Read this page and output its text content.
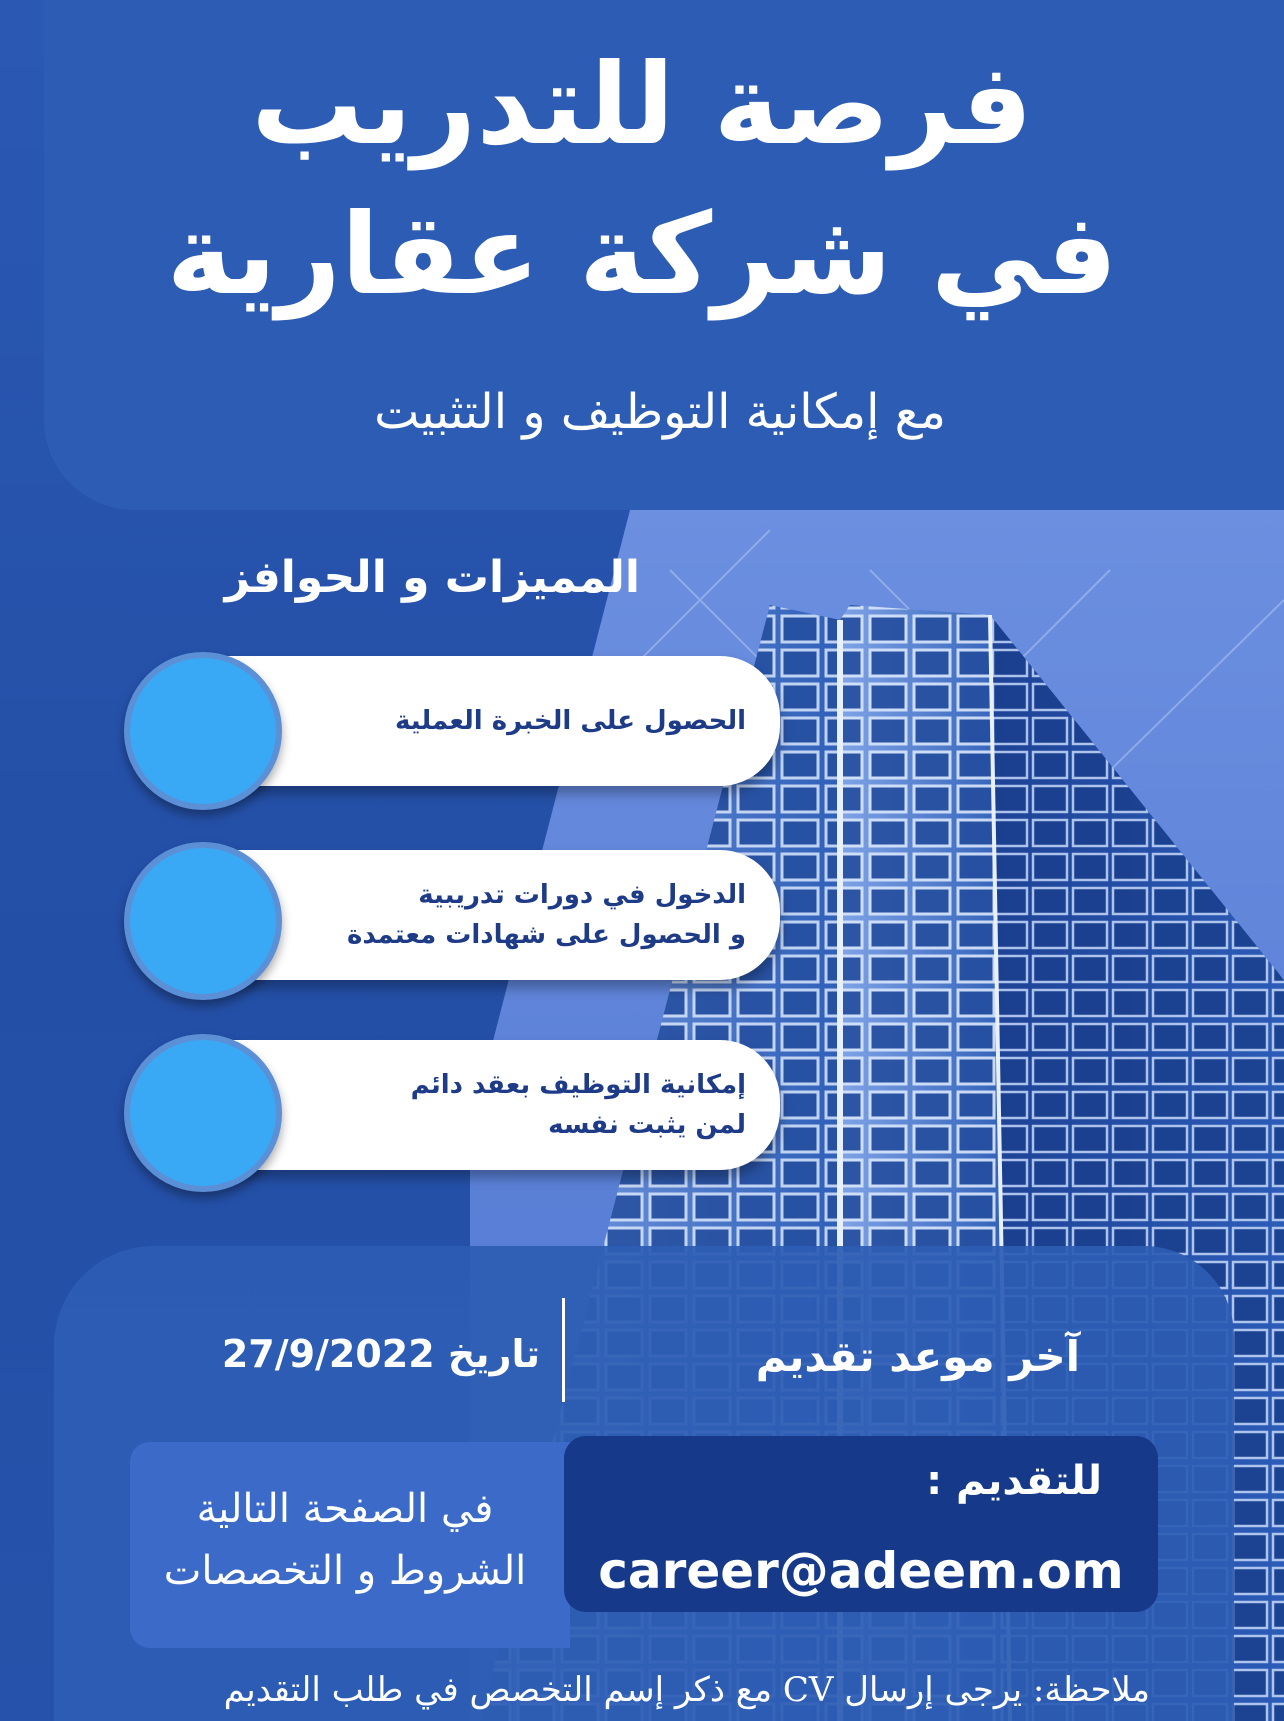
فرصة للتدريب
في شركة عقارية
مع إمكانية التوظيف و التثبيت
المميزات و الحوافز
الحصول على الخبرة العملية
الدخول في دورات تدريبية
و الحصول على شهادات معتمدة
إمكانية التوظيف بعقد دائم
لمن يثبت نفسه
آخر موعد تقديم
تاريخ 27/9/2022
في الصفحة التالية
الشروط و التخصصات
للتقديم :
career@adeem.om
ملاحظة: يرجى إرسال CV مع ذكر إسم التخصص في طلب التقديم
